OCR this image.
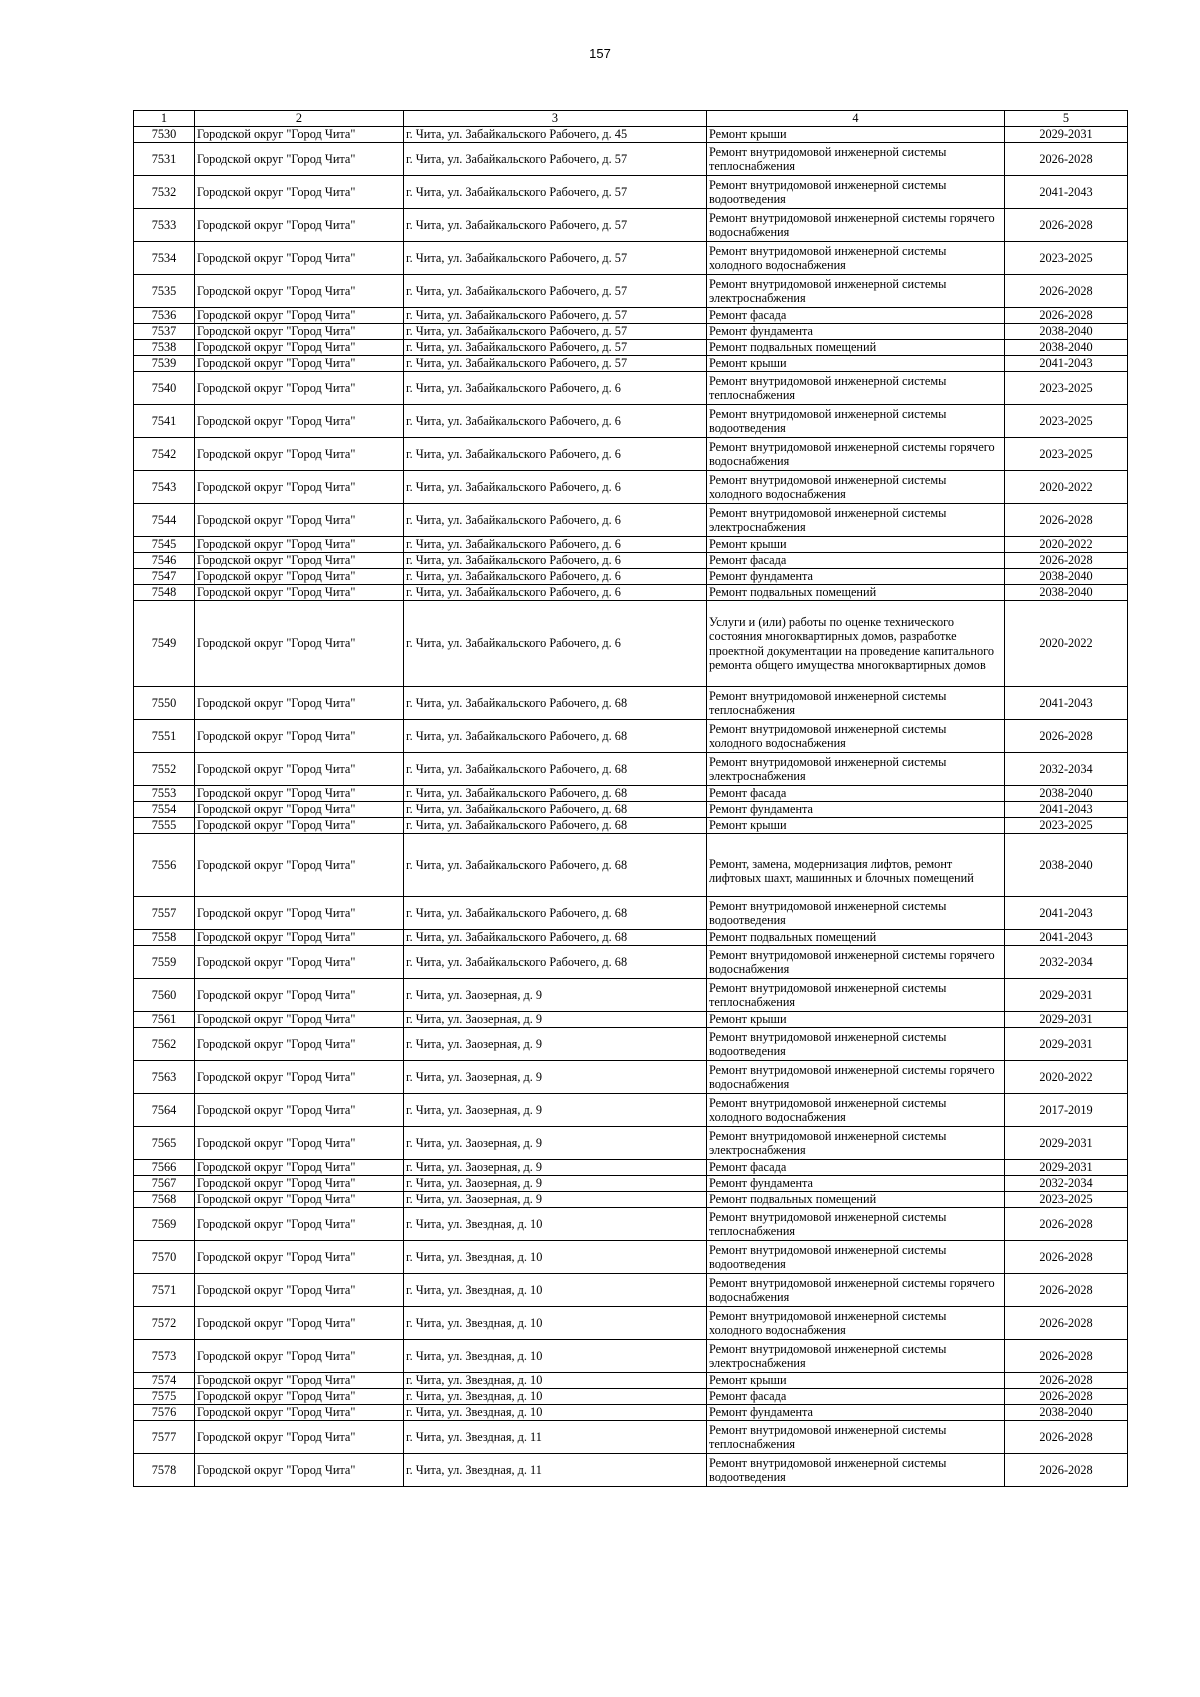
157
1	2	3	4	5
7530	Городской округ "Город Чита"	г. Чита, ул. Забайкальского Рабочего, д. 45	Ремонт крыши	2029-2031
7531	Городской округ "Город Чита"	г. Чита, ул. Забайкальского Рабочего, д. 57	Ремонт внутридомовой инженерной системы теплоснабжения	2026-2028
7532	Городской округ "Город Чита"	г. Чита, ул. Забайкальского Рабочего, д. 57	Ремонт внутридомовой инженерной системы водоотведения	2041-2043
7533	Городской округ "Город Чита"	г. Чита, ул. Забайкальского Рабочего, д. 57	Ремонт внутридомовой инженерной системы горячего водоснабжения	2026-2028
7534	Городской округ "Город Чита"	г. Чита, ул. Забайкальского Рабочего, д. 57	Ремонт внутридомовой инженерной системы холодного водоснабжения	2023-2025
7535	Городской округ "Город Чита"	г. Чита, ул. Забайкальского Рабочего, д. 57	Ремонт внутридомовой инженерной системы электроснабжения	2026-2028
7536	Городской округ "Город Чита"	г. Чита, ул. Забайкальского Рабочего, д. 57	Ремонт фасада	2026-2028
7537	Городской округ "Город Чита"	г. Чита, ул. Забайкальского Рабочего, д. 57	Ремонт фундамента	2038-2040
7538	Городской округ "Город Чита"	г. Чита, ул. Забайкальского Рабочего, д. 57	Ремонт подвальных помещений	2038-2040
7539	Городской округ "Город Чита"	г. Чита, ул. Забайкальского Рабочего, д. 57	Ремонт крыши	2041-2043
7540	Городской округ "Город Чита"	г. Чита, ул. Забайкальского Рабочего, д. 6	Ремонт внутридомовой инженерной системы теплоснабжения	2023-2025
7541	Городской округ "Город Чита"	г. Чита, ул. Забайкальского Рабочего, д. 6	Ремонт внутридомовой инженерной системы водоотведения	2023-2025
7542	Городской округ "Город Чита"	г. Чита, ул. Забайкальского Рабочего, д. 6	Ремонт внутридомовой инженерной системы горячего водоснабжения	2023-2025
7543	Городской округ "Город Чита"	г. Чита, ул. Забайкальского Рабочего, д. 6	Ремонт внутридомовой инженерной системы холодного водоснабжения	2020-2022
7544	Городской округ "Город Чита"	г. Чита, ул. Забайкальского Рабочего, д. 6	Ремонт внутридомовой инженерной системы электроснабжения	2026-2028
7545	Городской округ "Город Чита"	г. Чита, ул. Забайкальского Рабочего, д. 6	Ремонт крыши	2020-2022
7546	Городской округ "Город Чита"	г. Чита, ул. Забайкальского Рабочего, д. 6	Ремонт фасада	2026-2028
7547	Городской округ "Город Чита"	г. Чита, ул. Забайкальского Рабочего, д. 6	Ремонт фундамента	2038-2040
7548	Городской округ "Город Чита"	г. Чита, ул. Забайкальского Рабочего, д. 6	Ремонт подвальных помещений	2038-2040
7549	Городской округ "Город Чита"	г. Чита, ул. Забайкальского Рабочего, д. 6	Услуги и (или) работы по оценке технического состояния многоквартирных домов, разработке проектной документации на проведение капитального ремонта общего имущества многоквартирных домов	2020-2022
7550	Городской округ "Город Чита"	г. Чита, ул. Забайкальского Рабочего, д. 68	Ремонт внутридомовой инженерной системы теплоснабжения	2041-2043
7551	Городской округ "Город Чита"	г. Чита, ул. Забайкальского Рабочего, д. 68	Ремонт внутридомовой инженерной системы холодного водоснабжения	2026-2028
7552	Городской округ "Город Чита"	г. Чита, ул. Забайкальского Рабочего, д. 68	Ремонт внутридомовой инженерной системы электроснабжения	2032-2034
7553	Городской округ "Город Чита"	г. Чита, ул. Забайкальского Рабочего, д. 68	Ремонт фасада	2038-2040
7554	Городской округ "Город Чита"	г. Чита, ул. Забайкальского Рабочего, д. 68	Ремонт фундамента	2041-2043
7555	Городской округ "Город Чита"	г. Чита, ул. Забайкальского Рабочего, д. 68	Ремонт крыши	2023-2025
7556	Городской округ "Город Чита"	г. Чита, ул. Забайкальского Рабочего, д. 68	Ремонт, замена, модернизация лифтов, ремонт лифтовых шахт, машинных и блочных помещений	2038-2040
7557	Городской округ "Город Чита"	г. Чита, ул. Забайкальского Рабочего, д. 68	Ремонт внутридомовой инженерной системы водоотведения	2041-2043
7558	Городской округ "Город Чита"	г. Чита, ул. Забайкальского Рабочего, д. 68	Ремонт подвальных помещений	2041-2043
7559	Городской округ "Город Чита"	г. Чита, ул. Забайкальского Рабочего, д. 68	Ремонт внутридомовой инженерной системы горячего водоснабжения	2032-2034
7560	Городской округ "Город Чита"	г. Чита, ул. Заозерная, д. 9	Ремонт внутридомовой инженерной системы теплоснабжения	2029-2031
7561	Городской округ "Город Чита"	г. Чита, ул. Заозерная, д. 9	Ремонт крыши	2029-2031
7562	Городской округ "Город Чита"	г. Чита, ул. Заозерная, д. 9	Ремонт внутридомовой инженерной системы водоотведения	2029-2031
7563	Городской округ "Город Чита"	г. Чита, ул. Заозерная, д. 9	Ремонт внутридомовой инженерной системы горячего водоснабжения	2020-2022
7564	Городской округ "Город Чита"	г. Чита, ул. Заозерная, д. 9	Ремонт внутридомовой инженерной системы холодного водоснабжения	2017-2019
7565	Городской округ "Город Чита"	г. Чита, ул. Заозерная, д. 9	Ремонт внутридомовой инженерной системы электроснабжения	2029-2031
7566	Городской округ "Город Чита"	г. Чита, ул. Заозерная, д. 9	Ремонт фасада	2029-2031
7567	Городской округ "Город Чита"	г. Чита, ул. Заозерная, д. 9	Ремонт фундамента	2032-2034
7568	Городской округ "Город Чита"	г. Чита, ул. Заозерная, д. 9	Ремонт подвальных помещений	2023-2025
7569	Городской округ "Город Чита"	г. Чита, ул. Звездная, д. 10	Ремонт внутридомовой инженерной системы теплоснабжения	2026-2028
7570	Городской округ "Город Чита"	г. Чита, ул. Звездная, д. 10	Ремонт внутридомовой инженерной системы водоотведения	2026-2028
7571	Городской округ "Город Чита"	г. Чита, ул. Звездная, д. 10	Ремонт внутридомовой инженерной системы горячего водоснабжения	2026-2028
7572	Городской округ "Город Чита"	г. Чита, ул. Звездная, д. 10	Ремонт внутридомовой инженерной системы холодного водоснабжения	2026-2028
7573	Городской округ "Город Чита"	г. Чита, ул. Звездная, д. 10	Ремонт внутридомовой инженерной системы электроснабжения	2026-2028
7574	Городской округ "Город Чита"	г. Чита, ул. Звездная, д. 10	Ремонт крыши	2026-2028
7575	Городской округ "Город Чита"	г. Чита, ул. Звездная, д. 10	Ремонт фасада	2026-2028
7576	Городской округ "Город Чита"	г. Чита, ул. Звездная, д. 10	Ремонт фундамента	2038-2040
7577	Городской округ "Город Чита"	г. Чита, ул. Звездная, д. 11	Ремонт внутридомовой инженерной системы теплоснабжения	2026-2028
7578	Городской округ "Город Чита"	г. Чита, ул. Звездная, д. 11	Ремонт внутридомовой инженерной системы водоотведения	2026-2028
